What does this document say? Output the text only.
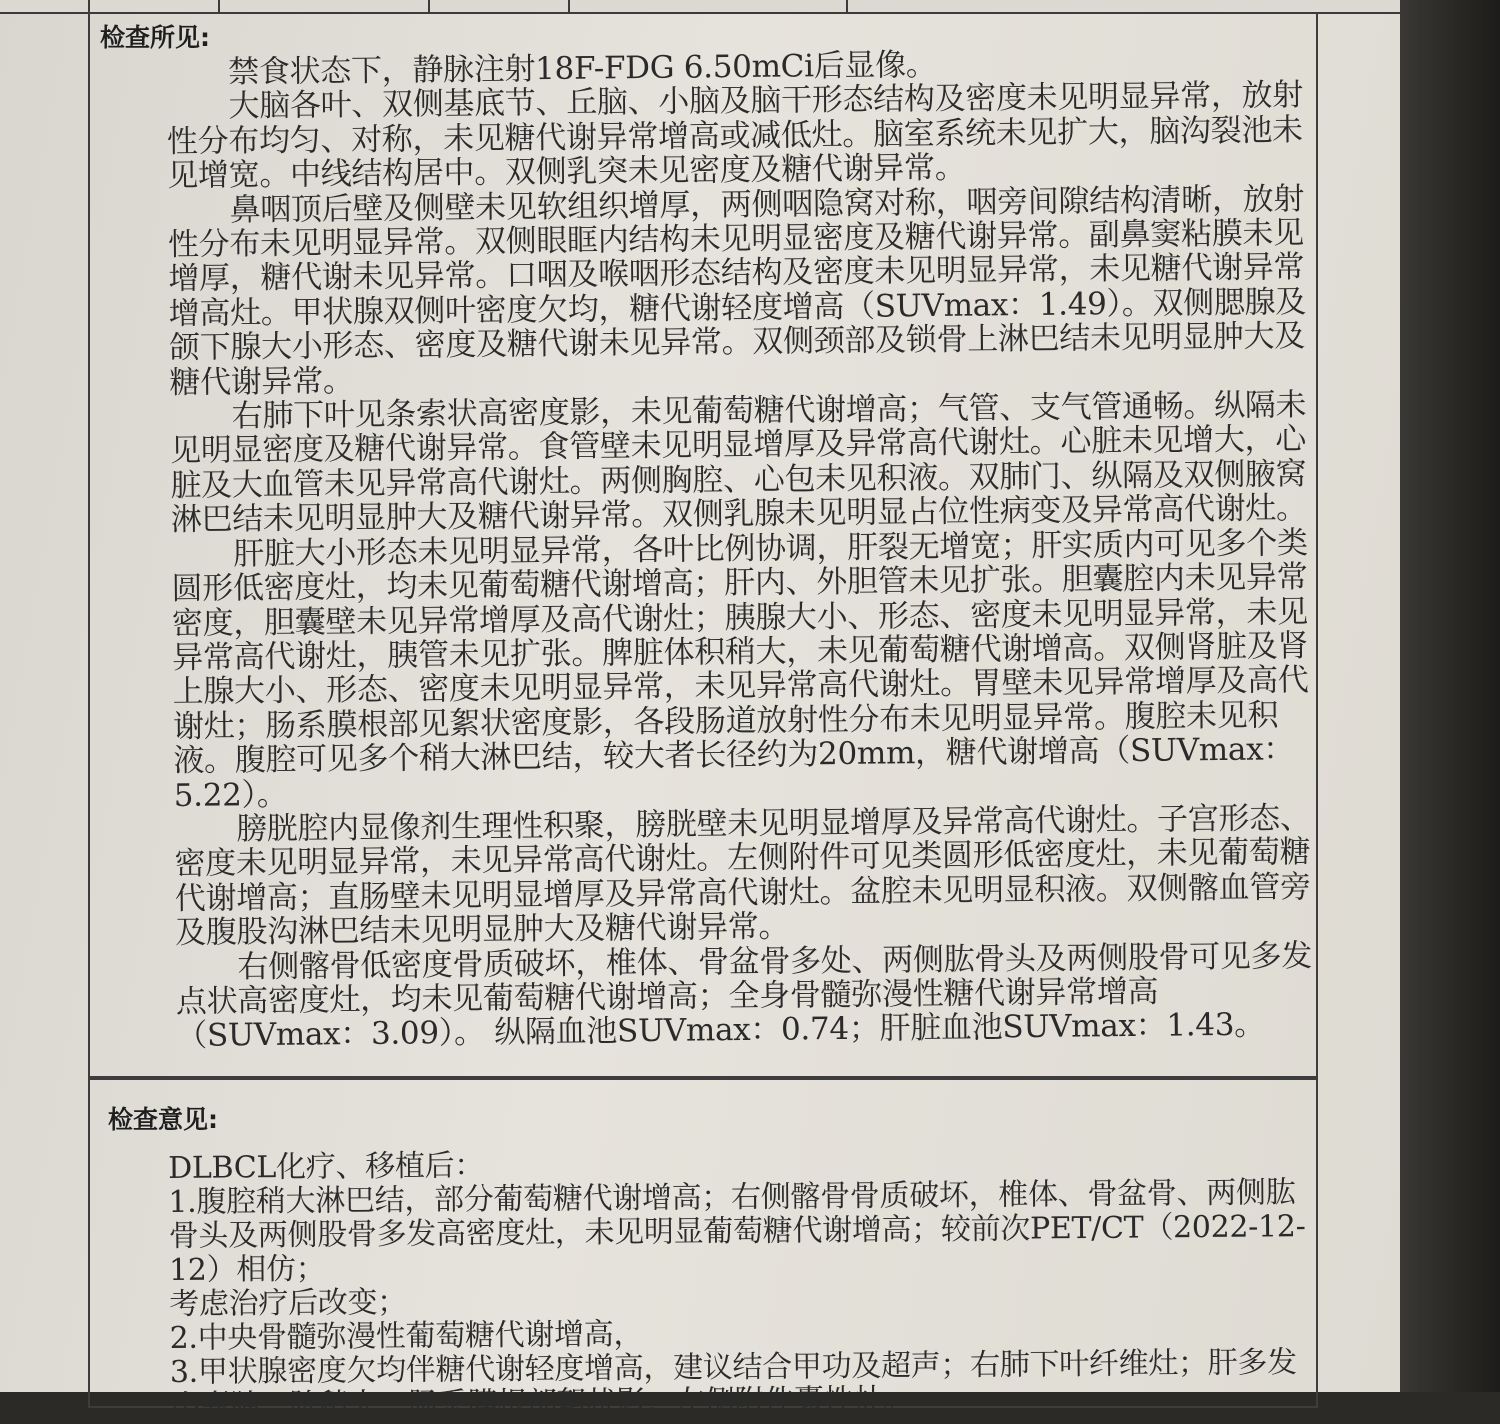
检查所见:

禁食状态下，静脉注射18F-FDG 6.50mCi后显像。

大脑各叶、双侧基底节、丘脑、小脑及脑干形态结构及密度未见明显异常，放射性分布均匀、对称，未见糖代谢异常增高或减低灶。脑室系统未见扩大，脑沟裂池未见增宽。中线结构居中。双侧乳突未见密度及糖代谢异常。

鼻咽顶后壁及侧壁未见软组织增厚，两侧咽隐窝对称，咽旁间隙结构清晰，放射性分布未见明显异常。双侧眼眶内结构未见明显密度及糖代谢异常。副鼻窦粘膜未见增厚，糖代谢未见异常。口咽及喉咽形态结构及密度未见明显异常，未见糖代谢异常增高灶。甲状腺双侧叶密度欠均，糖代谢轻度增高（SUVmax：1.49）。双侧腮腺及颌下腺大小形态、密度及糖代谢未见异常。双侧颈部及锁骨上淋巴结未见明显肿大及糖代谢异常。

右肺下叶见条索状高密度影，未见葡萄糖代谢增高；气管、支气管通畅。纵隔未见明显密度及糖代谢异常。食管壁未见明显增厚及异常高代谢灶。心脏未见增大，心脏及大血管未见异常高代谢灶。两侧胸腔、心包未见积液。双肺门、纵隔及双侧腋窝淋巴结未见明显肿大及糖代谢异常。双侧乳腺未见明显占位性病变及异常高代谢灶。

肝脏大小形态未见明显异常，各叶比例协调，肝裂无增宽；肝实质内可见多个类圆形低密度灶，均未见葡萄糖代谢增高；肝内、外胆管未见扩张。胆囊腔内未见异常密度，胆囊壁未见异常增厚及高代谢灶；胰腺大小、形态、密度未见明显异常，未见异常高代谢灶，胰管未见扩张。脾脏体积稍大，未见葡萄糖代谢增高。双侧肾脏及肾上腺大小、形态、密度未见明显异常，未见异常高代谢灶。胃壁未见异常增厚及高代谢灶；肠系膜根部见絮状密度影，各段肠道放射性分布未见明显异常。腹腔未见积液。腹腔可见多个稍大淋巴结，较大者长径约为20mm，糖代谢增高（SUVmax：5.22）。

膀胱腔内显像剂生理性积聚，膀胱壁未见明显增厚及异常高代谢灶。子宫形态、密度未见明显异常，未见异常高代谢灶。左侧附件可见类圆形低密度灶，未见葡萄糖代谢增高；直肠壁未见明显增厚及异常高代谢灶。盆腔未见明显积液。双侧髂血管旁及腹股沟淋巴结未见明显肿大及糖代谢异常。

右侧髂骨低密度骨质破坏，椎体、骨盆骨多处、两侧肱骨头及两侧股骨可见多发点状高密度灶，均未见葡萄糖代谢增高；全身骨髓弥漫性糖代谢异常增高（SUVmax：3.09）。 纵隔血池SUVmax：0.74；肝脏血池SUVmax：1.43。

检查意见:
DLBCL化疗、移植后：
1.腹腔稍大淋巴结，部分葡萄糖代谢增高；右侧髂骨骨质破坏，椎体、骨盆骨、两侧肱骨头及两侧股骨多发高密度灶，未见明显葡萄糖代谢增高；较前次PET/CT（2022-12-12）相仿；
考虑治疗后改变；
2.中央骨髓弥漫性葡萄糖代谢增高，
3.甲状腺密度欠均伴糖代谢轻度增高，建议结合甲功及超声；右肺下叶纤维灶；肝多发小囊肿；脾稍大；肠系膜根部絮状影；左侧附件囊性灶。
